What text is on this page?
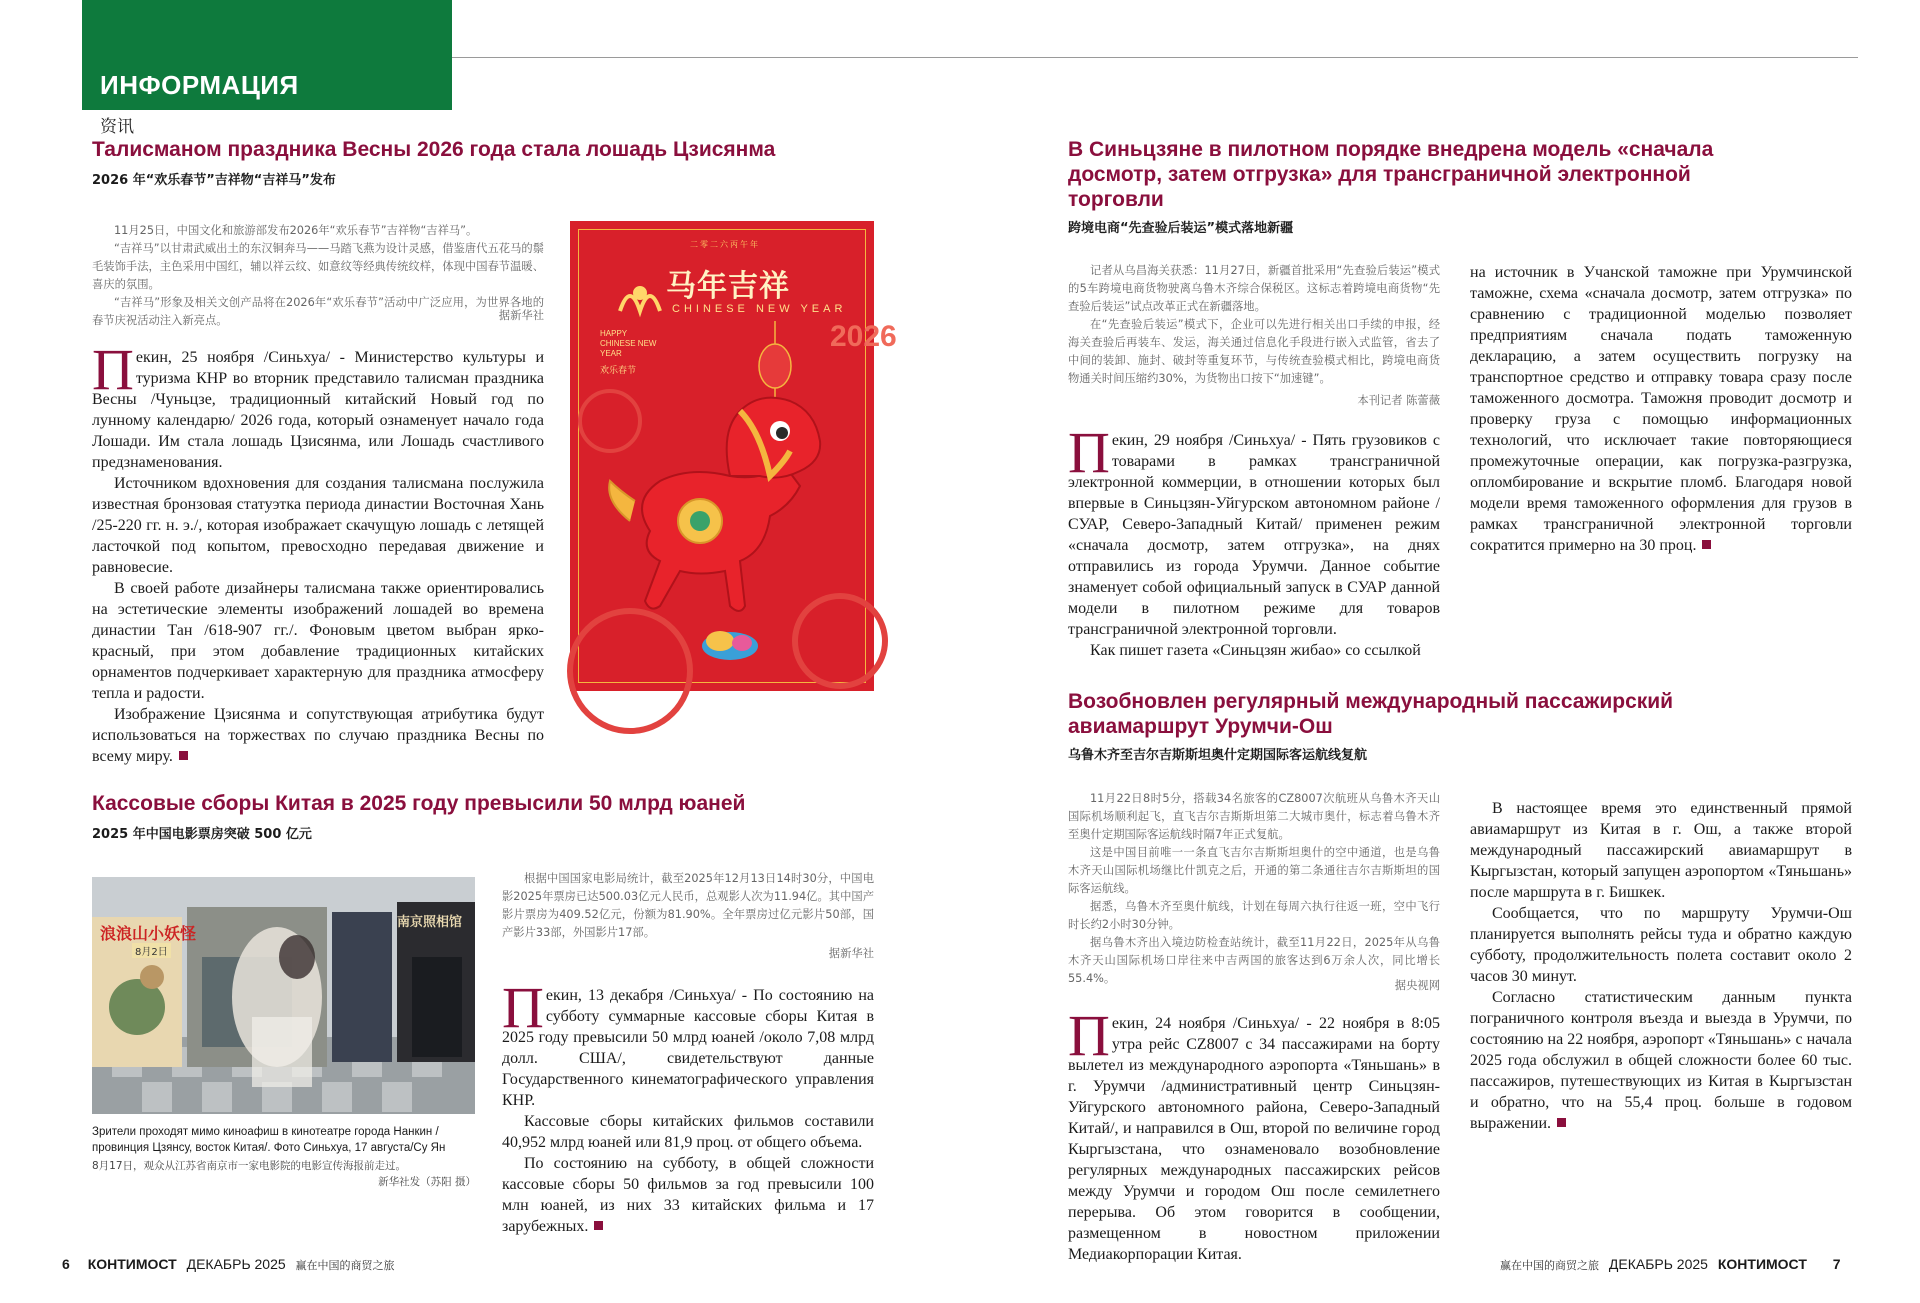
ИНФОРМАЦИЯ
资讯
Талисманом праздника Весны 2026 года стала лошадь Цзисянма
2026 年“欢乐春节”吉祥物“吉祥马”发布

11月25日，中国文化和旅游部发布2026年“欢乐春节”吉祥物“吉祥马”。

“吉祥马”以甘肃武威出土的东汉铜奔马——马踏飞燕为设计灵感，借鉴唐代五花马的鬃毛装饰手法，主色采用中国红，辅以祥云纹、如意纹等经典传统纹样，体现中国春节温暖、喜庆的氛围。

“吉祥马”形象及相关文创产品将在2026年“欢乐春节”活动中广泛应用，为世界各地的春节庆祝活动注入新亮点。	据新华社

Пекин, 25 ноября /Синьхуа/ - Министерство культуры и туризма КНР во вторник представило талисман праздника Весны /Чуньцзе, традиционный китайский Новый год по лунному календарю/ 2026 года, который ознаменует начало года Лошади. Им стала лошадь Цзисянма, или Лошадь счастливого предзнаменования.

Источником вдохновения для создания талисмана послужила известная бронзовая статуэтка периода династии Восточная Хань /25-220 гг. н. э./, которая изображает скачущую лошадь с летящей ласточкой под копытом, превосходно передавая движение и равновесие.

В своей работе дизайнеры талисмана также ориентировались на эстетические элементы изображений лошадей во времена династии Тан /618-907 гг./. Фоновым цветом выбран ярко-красный, при этом добавление традиционных китайских орнаментов подчеркивает характерную для праздника атмосферу тепла и радости.

Изображение Цзисянма и сопутствующая атрибутика будут использоваться на торжествах по случаю праздника Весны по всему миру.

二零二六丙午年
马年吉祥
CHINESE NEW YEAR
HAPPY CHINESE NEW YEAR
欢乐春节
2026
Кассовые сборы Китая в 2025 году превысили 50 млрд юаней
2025 年中国电影票房突破 500 亿元
浪浪山小妖怪
8月2日
南京照相馆
Зрители проходят мимо киноафиш в кинотеатре города Нанкин / провинция Цзянсу, восток Китая/. Фото Синьхуа, 17 августа/Су Ян
8月17日，观众从江苏省南京市一家电影院的电影宣传海报前走过。
新华社发（苏阳 摄）

根据中国国家电影局统计，截至2025年12月13日14时30分，中国电影2025年票房已达500.03亿元人民币，总观影人次为11.94亿。其中国产影片票房为409.52亿元，份额为81.90%。全年票房过亿元影片50部，国产影片33部，外国影片17部。

据新华社

Пекин, 13 декабря /Синьхуа/ - По состоянию на субботу суммарные кассовые сборы Китая в 2025 году превысили 50 млрд юаней /около 7,08 млрд долл. США/, свидетельствуют данные Государственного кинематографического управления КНР.

Кассовые сборы китайских фильмов составили 40,952 млрд юаней или 81,9 проц. от общего объема.

По состоянию на субботу, в общей сложности кассовые сборы 50 фильмов за год превысили 100 млн юаней, из них 33 китайских фильма и 17 зарубежных.

В Синьцзяне в пилотном порядке внедрена модель «сначала досмотр, затем отгрузка» для трансграничной электронной торговли
跨境电商“先查验后装运”模式落地新疆

记者从乌昌海关获悉：11月27日，新疆首批采用“先查验后装运”模式的5车跨境电商货物驶离乌鲁木齐综合保税区。这标志着跨境电商货物“先查验后装运”试点改革正式在新疆落地。

在“先查验后装运”模式下，企业可以先进行相关出口手续的申报，经海关查验后再装车、发运，海关通过信息化手段进行嵌入式监管，省去了中间的装卸、施封、破封等重复环节，与传统查验模式相比，跨境电商货物通关时间压缩约30%，为货物出口按下“加速键”。

本刊记者 陈蕾薇

Пекин, 29 ноября /Синьхуа/ - Пять грузовиков с товарами в рамках трансграничной электронной коммерции, в отношении которых был впервые в Синьцзян-Уйгурском автономном районе /СУАР, Северо-Западный Китай/ применен режим «сначала досмотр, затем отгрузка», на днях отправились из города Урумчи. Данное событие знаменует собой официальный запуск в СУАР данной модели в пилотном режиме для товаров трансграничной электронной торговли.

Как пишет газета «Синьцзян жибао» со ссылкой

на источник в Учанской таможне при Урумчинской таможне, схема «сначала досмотр, затем отгрузка» по сравнению с традиционной моделью позволяет предприятиям сначала подать таможенную декларацию, а затем осуществить погрузку на транспортное средство и отправку товара сразу после таможенного досмотра. Таможня проводит досмотр и проверку груза с помощью информационных технологий, что исключает такие повторяющиеся промежуточные операции, как погрузка-разгрузка, опломбирование и вскрытие пломб. Благодаря новой модели время таможенного оформления для грузов в рамках трансграничной электронной торговли сократится примерно на 30 проц.

Возобновлен регулярный международный пассажирский авиамаршрут Урумчи-Ош
乌鲁木齐至吉尔吉斯斯坦奥什定期国际客运航线复航

11月22日8时5分，搭载34名旅客的CZ8007次航班从乌鲁木齐天山国际机场顺利起飞，直飞吉尔吉斯斯坦第二大城市奥什，标志着乌鲁木齐至奥什定期国际客运航线时隔7年正式复航。

这是中国目前唯一一条直飞吉尔吉斯斯坦奥什的空中通道，也是乌鲁木齐天山国际机场继比什凯克之后，开通的第二条通往吉尔吉斯斯坦的国际客运航线。

据悉，乌鲁木齐至奥什航线，计划在每周六执行往返一班，空中飞行时长约2小时30分钟。

据乌鲁木齐出入境边防检查站统计，截至11月22日，2025年从乌鲁木齐天山国际机场口岸往来中吉两国的旅客达到6万余人次，同比增长55.4%。

据央视网

Пекин, 24 ноября /Синьхуа/ - 22 ноября в 8:05 утра рейс CZ8007 с 34 пассажирами на борту вылетел из международного аэропорта «Тяньшань» в г. Урумчи /административный центр Синьцзян-Уйгурского автономного района, Северо-Западный Китай/, и направился в Ош, второй по величине город Кыргызстана, что ознаменовало возобновление регулярных международных пассажирских рейсов между Урумчи и городом Ош после семилетнего перерыва. Об этом говорится в сообщении, размещенном в новостном приложении Медиакорпорации Китая.

В настоящее время это единственный прямой авиамаршрут из Китая в г. Ош, а также второй международный пассажирский авиамаршрут в Кыргызстан, который запущен аэропортом «Тяньшань» после маршрута в г. Бишкек.

Сообщается, что по маршруту Урумчи-Ош планируется выполнять рейсы туда и обратно каждую субботу, продолжительность полета составит около 2 часов 30 минут.

Согласно статистическим данным пункта пограничного контроля въезда и выезда в Урумчи, по состоянию на 22 ноября, аэропорт «Тяньшань» с начала 2025 года обслужил в общей сложности более 60 тыс. пассажиров, путешествующих из Китая в Кыргызстан и обратно, что на 55,4 проц. больше в годовом выражении.

6 КОНТИМОСТ ДЕКАБРЬ 2025 赢在中国的商贸之旅	赢在中国的商贸之旅 ДЕКАБРЬ 2025 КОНТИМОСТ 7
